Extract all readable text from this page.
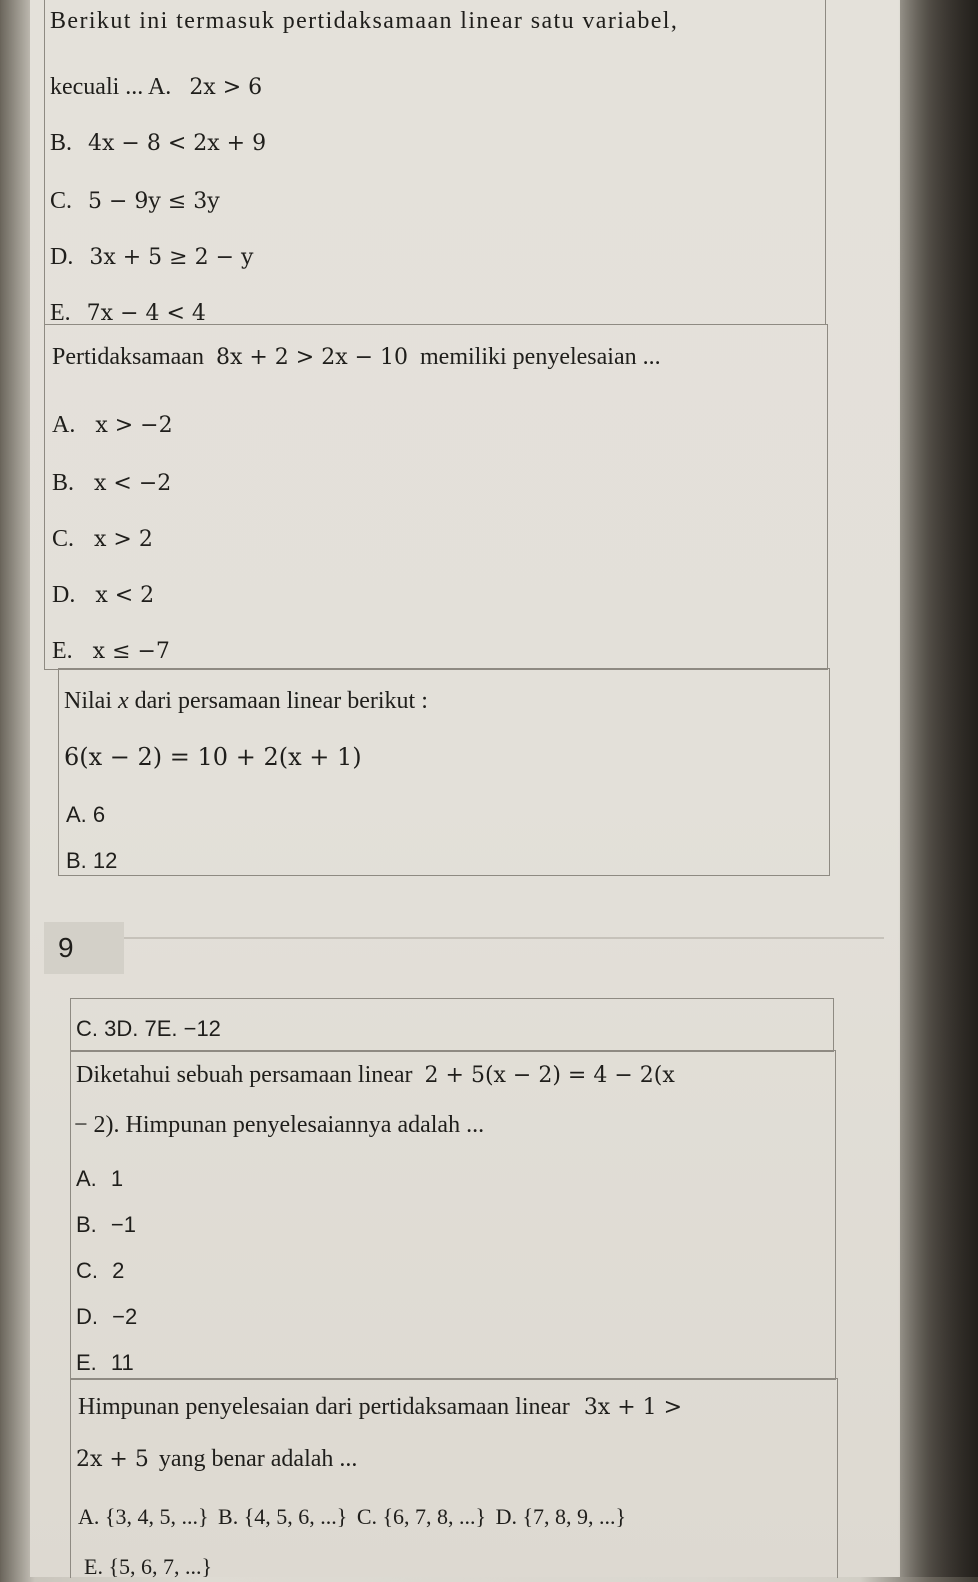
Berikut ini termasuk pertidaksamaan linear satu variabel,
kecuali ... A. 2x > 6
B. 4x − 8 < 2x + 9
C. 5 − 9y ≤ 3y
D. 3x + 5 ≥ 2 − y
E. 7x − 4 < 4
Pertidaksamaan 8x + 2 > 2x − 10 memiliki penyelesaian ...
A. x > −2
B. x < −2
C. x > 2
D. x < 2
E. x ≤ −7
Nilai x dari persamaan linear berikut :
6(x − 2) = 10 + 2(x + 1)
A. 6
B. 12
9
C. 3D. 7E. −12
Diketahui sebuah persamaan linear 2 + 5(x − 2) = 4 − 2(x
− 2). Himpunan penyelesaiannya adalah ...
A. 1
B. −1
C. 2
D. −2
E. 11
Himpunan penyelesaian dari pertidaksamaan linear 3x + 1 >
2x + 5 yang benar adalah ...
A. {3, 4, 5, ...} B. {4, 5, 6, ...} C. {6, 7, 8, ...} D. {7, 8, 9, ...}
E. {5, 6, 7, ...}
